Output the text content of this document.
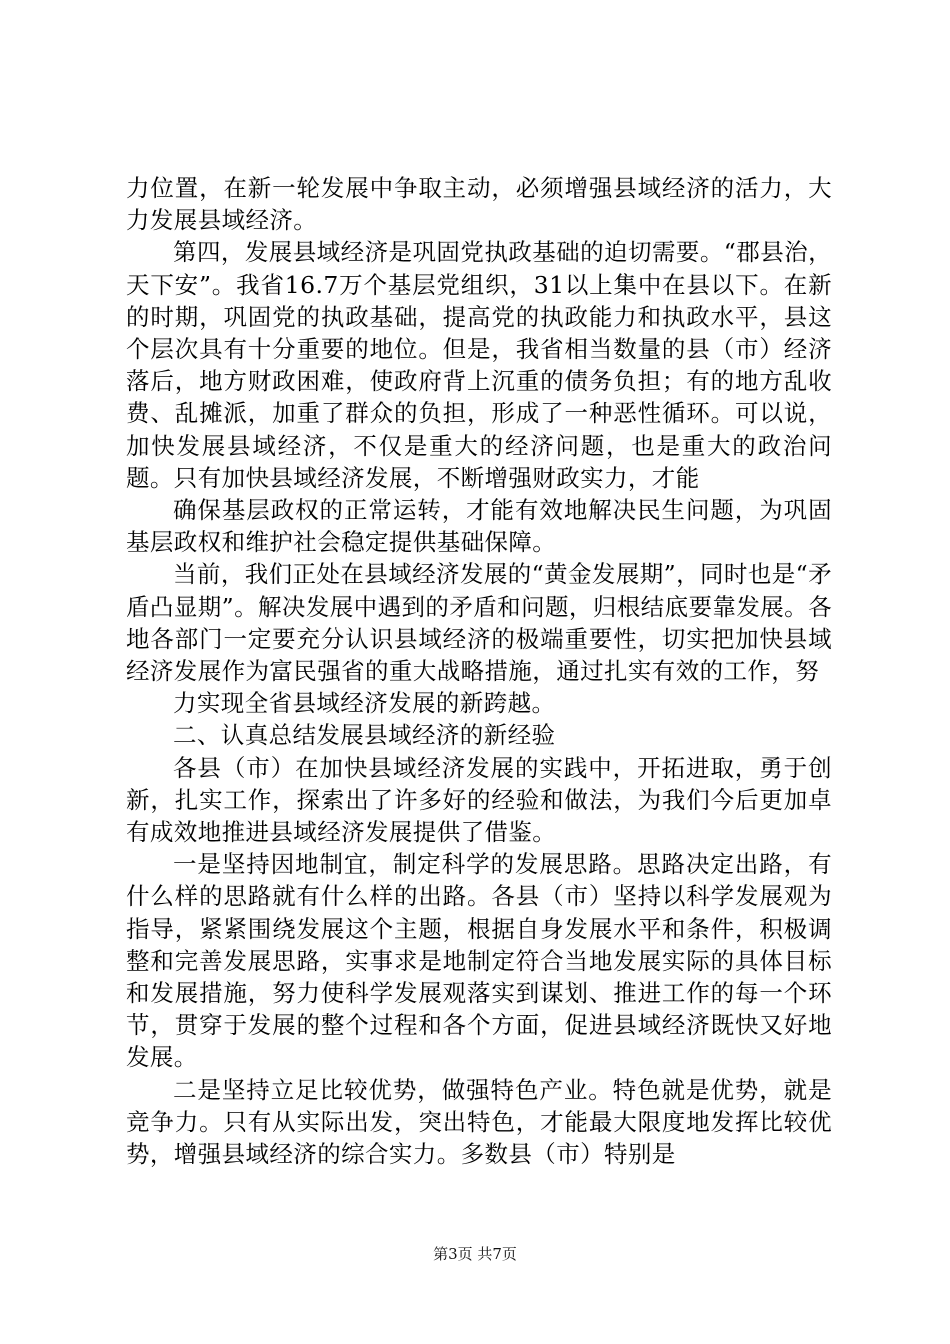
力位置，在新一轮发展中争取主动，必须增强县域经济的活力，大力发展县域经济。

第四，发展县域经济是巩固党执政基础的迫切需要。“郡县治，天下安”。我省16.7万个基层党组织，31以上集中在县以下。在新的时期，巩固党的执政基础，提高党的执政能力和执政水平，县这个层次具有十分重要的地位。但是，我省相当数量的县（市）经济落后，地方财政困难，使政府背上沉重的债务负担；有的地方乱收费、乱摊派，加重了群众的负担，形成了一种恶性循环。可以说，加快发展县域经济，不仅是重大的经济问题，也是重大的政治问题。只有加快县域经济发展，不断增强财政实力，才能

确保基层政权的正常运转，才能有效地解决民生问题，为巩固基层政权和维护社会稳定提供基础保障。

当前，我们正处在县域经济发展的“黄金发展期”，同时也是“矛盾凸显期”。解决发展中遇到的矛盾和问题，归根结底要靠发展。各地各部门一定要充分认识县域经济的极端重要性，切实把加快县域经济发展作为富民强省的重大战略措施，通过扎实有效的工作，努

力实现全省县域经济发展的新跨越。

二、认真总结发展县域经济的新经验

各县（市）在加快县域经济发展的实践中，开拓进取，勇于创新，扎实工作，探索出了许多好的经验和做法，为我们今后更加卓有成效地推进县域经济发展提供了借鉴。

一是坚持因地制宜，制定科学的发展思路。思路决定出路，有什么样的思路就有什么样的出路。各县（市）坚持以科学发展观为指导，紧紧围绕发展这个主题，根据自身发展水平和条件，积极调整和完善发展思路，实事求是地制定符合当地发展实际的具体目标和发展措施，努力使科学发展观落实到谋划、推进工作的每一个环节，贯穿于发展的整个过程和各个方面，促进县域经济既快又好地发展。

二是坚持立足比较优势，做强特色产业。特色就是优势，就是竞争力。只有从实际出发，突出特色，才能最大限度地发挥比较优势，增强县域经济的综合实力。多数县（市）特别是

第3页 共7页
